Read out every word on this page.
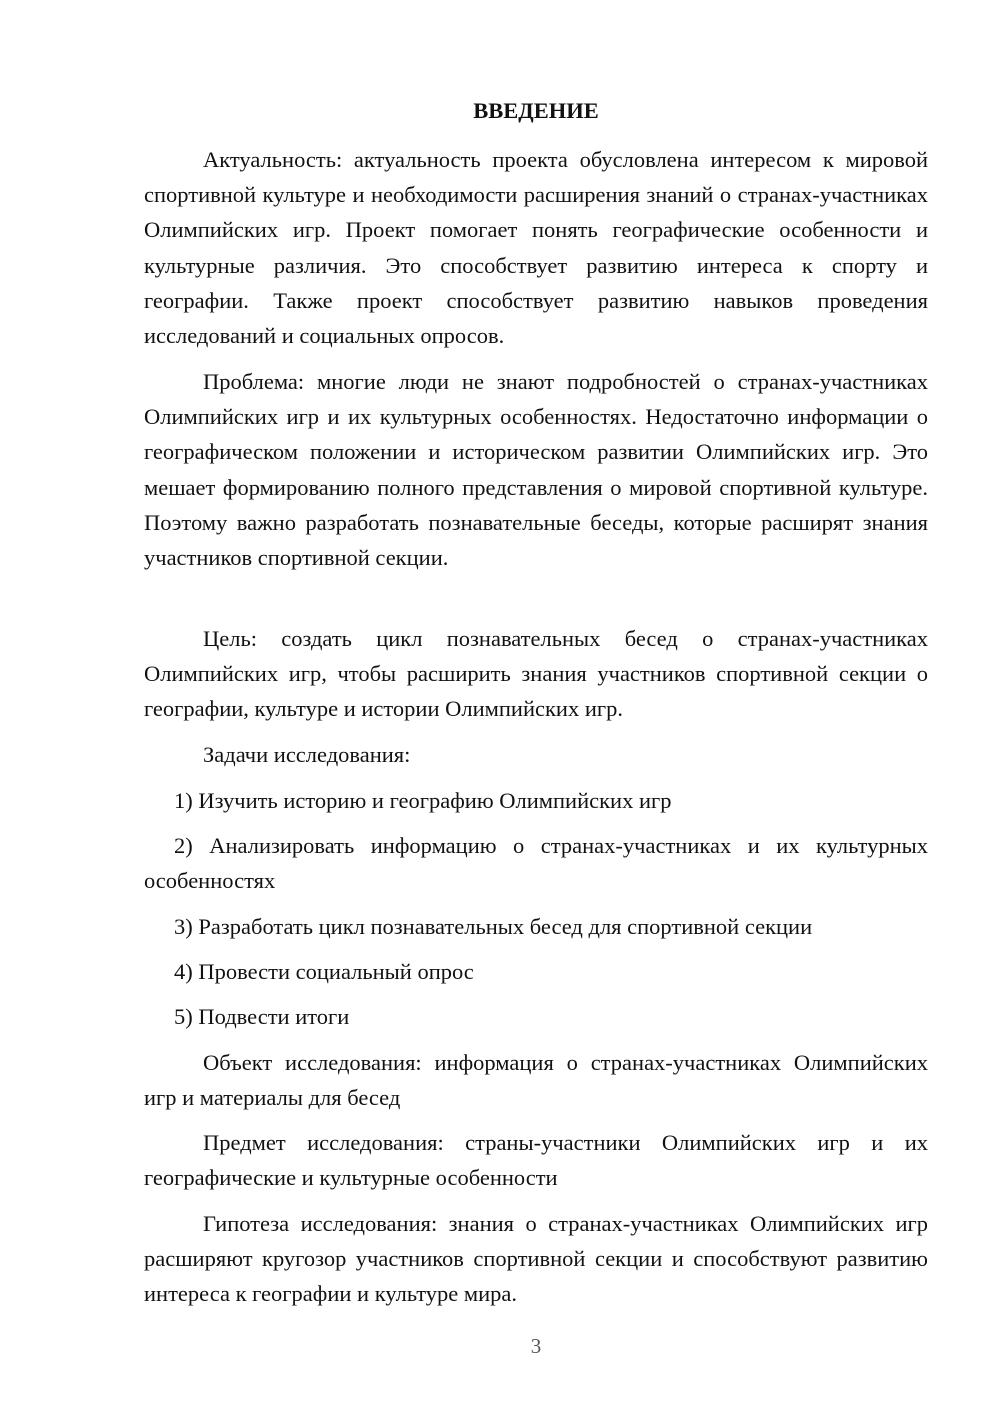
ВВЕДЕНИЕ

Актуальность: актуальность проекта обусловлена интересом к мировой спортивной культуре и необходимости расширения знаний о странах-участниках Олимпийских игр. Проект помогает понять географические особенности и культурные различия. Это способствует развитию интереса к спорту и географии. Также проект способствует развитию навыков проведения исследований и социальных опросов.

Проблема: многие люди не знают подробностей о странах-участниках Олимпийских игр и их культурных особенностях. Недостаточно информации о географическом положении и историческом развитии Олимпийских игр. Это мешает формированию полного представления о мировой спортивной культуре. Поэтому важно разработать познавательные беседы, которые расширят знания участников спортивной секции.

Цель: создать цикл познавательных бесед о странах-участниках Олимпийских игр, чтобы расширить знания участников спортивной секции о географии, культуре и истории Олимпийских игр.

Задачи исследования:

1) Изучить историю и географию Олимпийских игр

2) Анализировать информацию о странах-участниках и их культурных особенностях

3) Разработать цикл познавательных бесед для спортивной секции

4) Провести социальный опрос

5) Подвести итоги

Объект исследования: информация о странах-участниках Олимпийских игр и материалы для бесед

Предмет исследования: страны-участники Олимпийских игр и их географические и культурные особенности

Гипотеза исследования: знания о странах-участниках Олимпийских игр расширяют кругозор участников спортивной секции и способствуют развитию интереса к географии и культуре мира.

3
